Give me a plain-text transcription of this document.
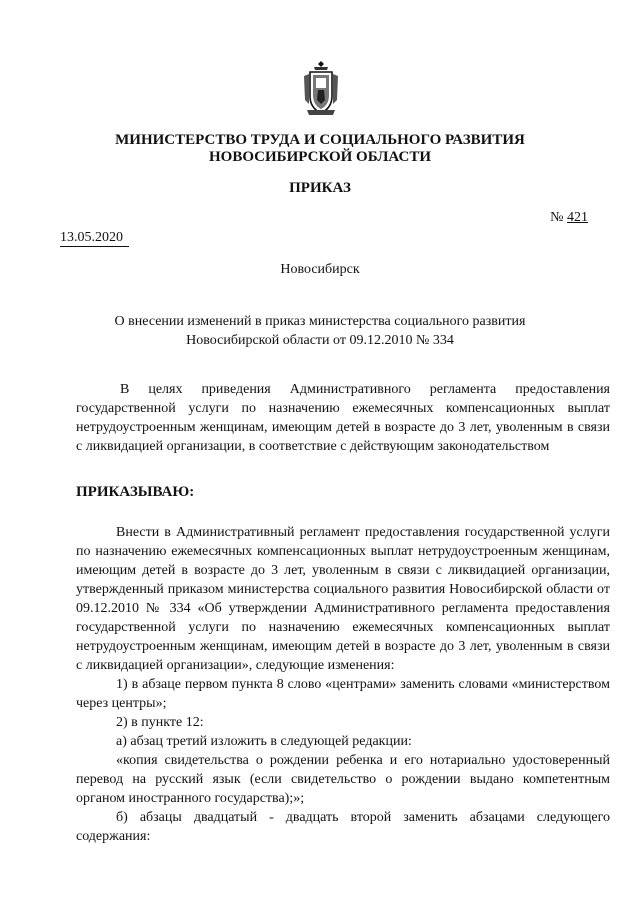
МИНИСТЕРСТВО ТРУДА И СОЦИАЛЬНОГО РАЗВИТИЯ
НОВОСИБИРСКОЙ ОБЛАСТИ
ПРИКАЗ
№ 421
13.05.2020
Новосибирск
О внесении изменений в приказ министерства социального развития
Новосибирской области от 09.12.2010 № 334

В целях приведения Административного регламента предоставления государственной услуги по назначению ежемесячных компенсационных выплат нетрудоустроенным женщинам, имеющим детей в возрасте до 3 лет, уволенным в связи с ликвидацией организации, в соответствие с действующим законодательством

ПРИКАЗЫВАЮ:
Внести в Административный регламент предоставления государственной услуги по назначению ежемесячных компенсационных выплат нетрудоустроенным женщинам, имеющим детей в возрасте до 3 лет, уволенным в связи с ликвидацией организации, утвержденный приказом министерства социального развития Новосибирской области от 09.12.2010 № 334 «Об утверждении Административного регламента предоставления государственной услуги по назначению ежемесячных компенсационных выплат нетрудоустроенным женщинам, имеющим детей в возрасте до 3 лет, уволенным в связи с ликвидацией организации», следующие изменения:
1) в абзаце первом пункта 8 слово «центрами» заменить словами «министерством через центры»;
2) в пункте 12:
а) абзац третий изложить в следующей редакции:
«копия свидетельства о рождении ребенка и его нотариально удостоверенный перевод на русский язык (если свидетельство о рождении выдано компетентным органом иностранного государства);»;
б) абзацы двадцатый - двадцать второй заменить абзацами следующего содержания:
